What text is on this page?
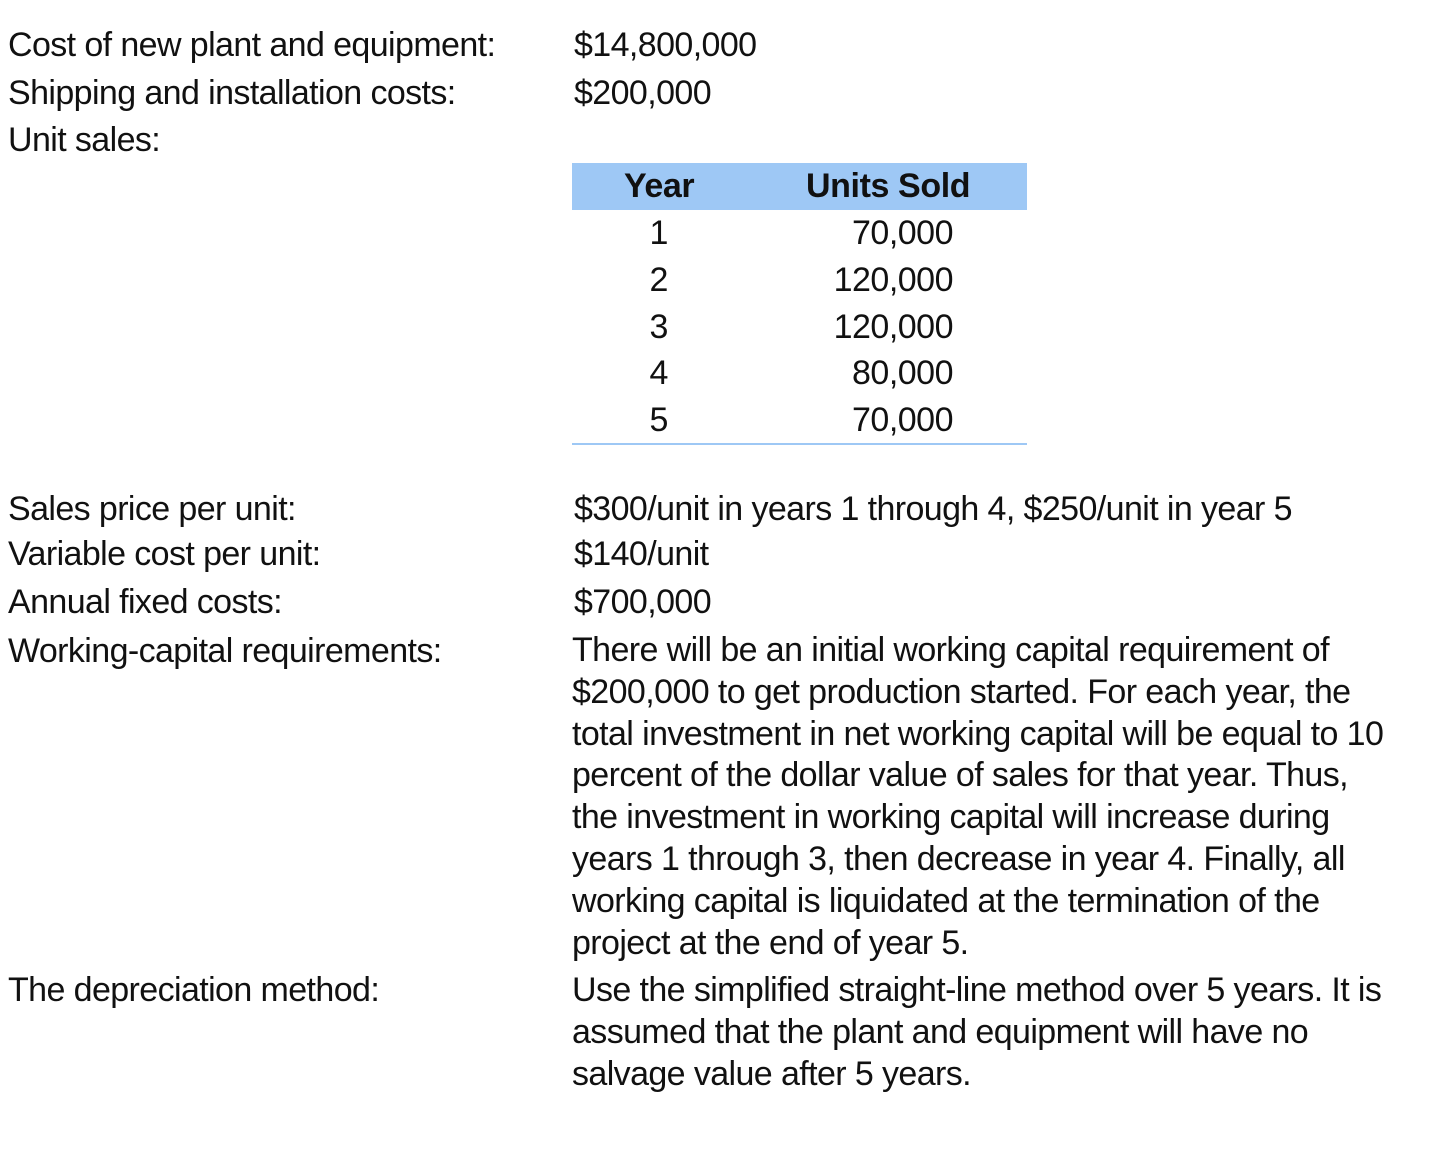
Cost of new plant and equipment: $14,800,000
Shipping and installation costs:	$200,000
Unit sales:
Year	Units Sold
1	70,000
2	120,000
3	120,000
4	80,000
5	70,000
Sales price per unit:	$300/unit in years 1 through 4, $250/unit in year 5
Variable cost per unit:	$140/unit
Annual fixed costs:	$700,000
Working-capital requirements:	There will be an initial working capital requirement of
$200,000 to get production started. For each year, the
total investment in net working capital will be equal to 10
percent of the dollar value of sales for that year. Thus,
the investment in working capital will increase during
years 1 through 3, then decrease in year 4. Finally, all
working capital is liquidated at the termination of the
project at the end of year 5.
The depreciation method:	Use the simplified straight-line method over 5 years. It is
assumed that the plant and equipment will have no
salvage value after 5 years.
